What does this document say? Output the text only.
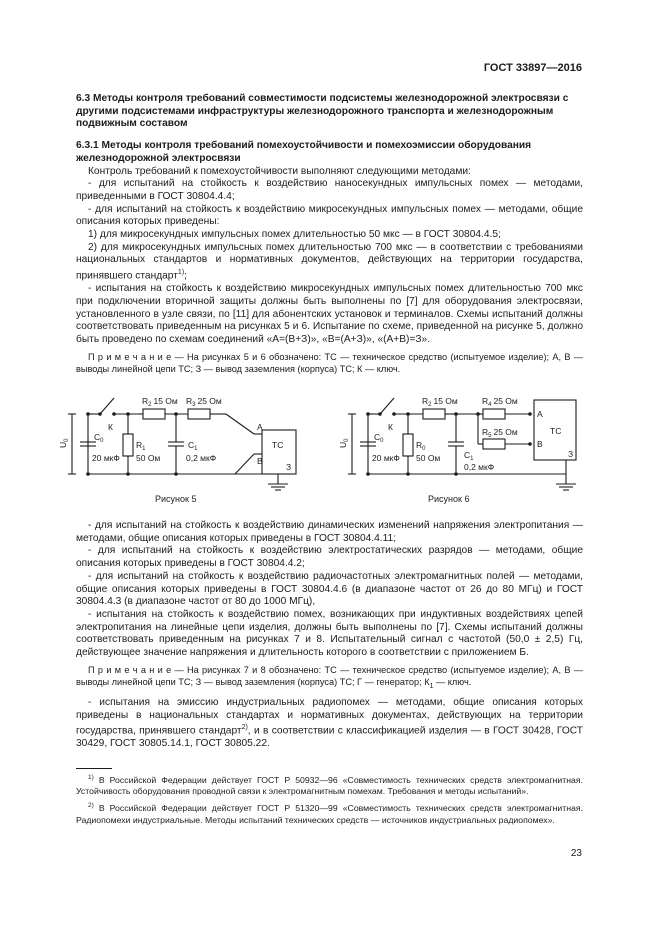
ГОСТ 33897—2016
6.3 Методы контроля требований совместимости подсистемы железнодорожной электросвязи с другими подсистемами инфраструктуры железнодорожного транспорта и железнодорожным подвижным составом
6.3.1 Методы контроля требований помехоустойчивости и помехоэмиссии оборудования железнодорожной электросвязи

Контроль требований к помехоустойчивости выполняют следующими методами:

- для испытаний на стойкость к воздействию наносекундных импульсных помех — методами, приведенными в ГОСТ 30804.4.4;

- для испытаний на стойкость к воздействию микросекундных импульсных помех — методами, общие описания которых приведены:

1) для микросекундных импульсных помех длительностью 50 мкс — в ГОСТ 30804.4.5;

2) для микросекундных импульсных помех длительностью 700 мкс — в соответствии с требованиями национальных стандартов и нормативных документов, действующих на территории государства, принявшего стандарт$^{1)}$;

- испытания на стойкость к воздействию микросекундных импульсных помех длительностью 700 мкс при подключении вторичной защиты должны быть выполнены по [7] для оборудования электросвязи, установленного в узле связи, по [11] для абонентских установок и терминалов. Схемы испытаний должны соответствовать приведенным на рисунках 5 и 6. Испытание по схеме, приведенной на рисунке 5, должно быть проведено по схемам соединений «А=(В+З)», «В=(А+З)», «(А+В)=З».

П р и м е ч а н и е — На рисунках 5 и 6 обозначено: ТС — техническое средство (испытуемое изделие); А, В — выводы линейной цепи ТС; З — вывод заземления (корпуса) ТС; К — ключ.

$U_0$
К
$R_2$ 15 Ом $R_3$ 25 Ом
$C_0$
20 мкФ
$R_1$
50 Ом
$C_1$
0,2 мкФ
ТС
А
В
З
Рисунок 5
$U_0$
К
$R_2$ 15 Ом	$R_4$ 25 Ом
$R_5$ 25 Ом
$C_0$
20 мкФ
$R_0$
50 Ом	$C_1$
0,2 мкФ
ТС
А
В
З
Рисунок 6

- для испытаний на стойкость к воздействию динамических изменений напряжения электропитания — методами, общие описания которых приведены в ГОСТ 30804.4.11;

- для испытаний на стойкость к воздействию электростатических разрядов — методами, общие описания которых приведены в ГОСТ 30804.4.2;

- для испытаний на стойкость к воздействию радиочастотных электромагнитных полей — методами, общие описания которых приведены в ГОСТ 30804.4.6 (в диапазоне частот от 26 до 80 МГц) и ГОСТ 30804.4.3 (в диапазоне частот от 80 до 1000 МГц),

- испытания на стойкость к воздействию помех, возникающих при индуктивных воздействиях цепей электропитания на линейные цепи изделия, должны быть выполнены по [7]. Схемы испытаний должны соответствовать приведенным на рисунках 7 и 8. Испытательный сигнал с частотой (50,0 ± 2,5) Гц, действующее значение напряжения и длительность которого в соответствии с приложением Б.

П р и м е ч а н и е — На рисунках 7 и 8 обозначено: ТС — техническое средство (испытуемое изделие); А, В — выводы линейной цепи ТС; З — вывод заземления (корпуса) ТС; Г — генератор; $К_1$ — ключ.

- испытания на эмиссию индустриальных радиопомех — методами, общие описания которых приведены в национальных стандартах и нормативных документах, действующих на территории государства, принявшего стандарт$^{2)}$, и в соответствии с классификацией изделия — в ГОСТ 30428, ГОСТ 30429, ГОСТ 30805.14.1, ГОСТ 30805.22.

$^{1)}$ В Российской Федерации действует ГОСТ Р 50932—96 «Совместимость технических средств электромагнитная. Устойчивость оборудования проводной связи к электромагнитным помехам. Требования и методы испытаний».

$^{2)}$ В Российской Федерации действует ГОСТ Р 51320—99 «Совместимость технических средств электромагнитная. Радиопомехи индустриальные. Методы испытаний технических средств — источников индустриальных радиопомех».

23
